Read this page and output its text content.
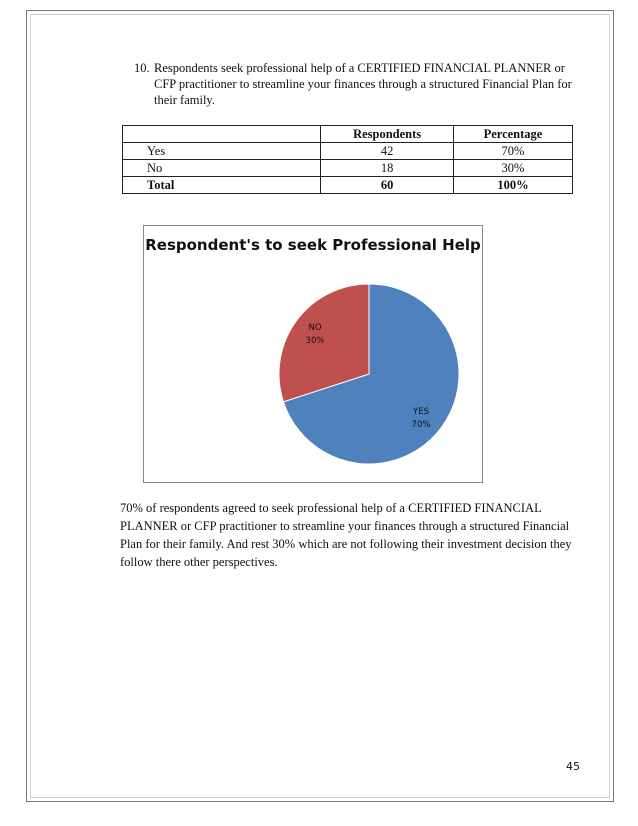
10. Respondents seek professional help of a CERTIFIED FINANCIAL PLANNER or CFP practitioner to streamline your finances through a structured Financial Plan for their family.
	Respondents	Percentage
Yes	42	70%
No	18	30%
Total	60	100%
Respondent's to seek Professional Help
YES
70%
NO
30%
70% of respondents agreed to seek professional help of a CERTIFIED FINANCIAL PLANNER or CFP practitioner to streamline your finances through a structured Financial Plan for their family. And rest 30% which are not following their investment decision they follow there other perspectives.
45
